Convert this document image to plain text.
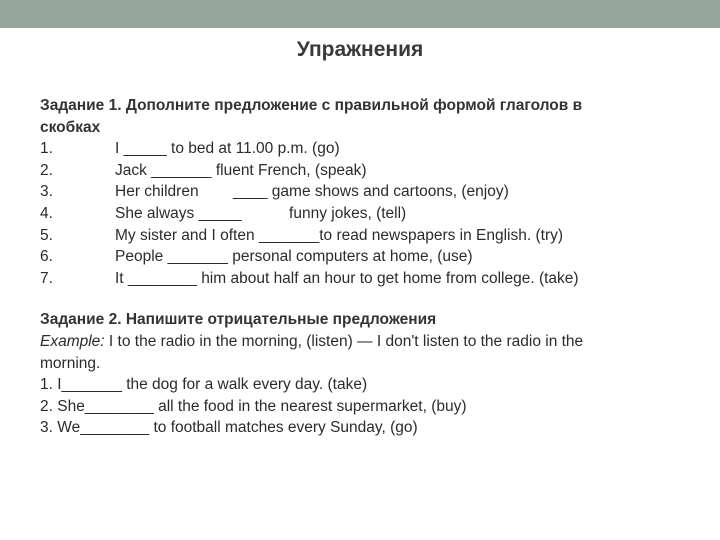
Упражнения
Задание 1. Дополните предложение с правильной формой глаголов в
скобках
1.	I _____ to bed at 11.00 p.m. (go)
2.	Jack _______ fluent French, (speak)
3.	Her children        ____ game shows and cartoons, (enjoy)
4.	She always _____           funny jokes, (tell)
5.	My sister and I often _______to read newspapers in English. (try)
6.	People _______ personal computers at home, (use)
7.	It ________ him about half an hour to get home from college. (take)
Задание 2. Напишите отрицательные предложения
Example: I to the radio in the morning, (listen) — I don't listen to the radio in the
morning.
1. I_______ the dog for a walk every day. (take)
2. She________ all the food in the nearest supermarket, (buy)
3. We________ to football matches every Sunday, (go)
